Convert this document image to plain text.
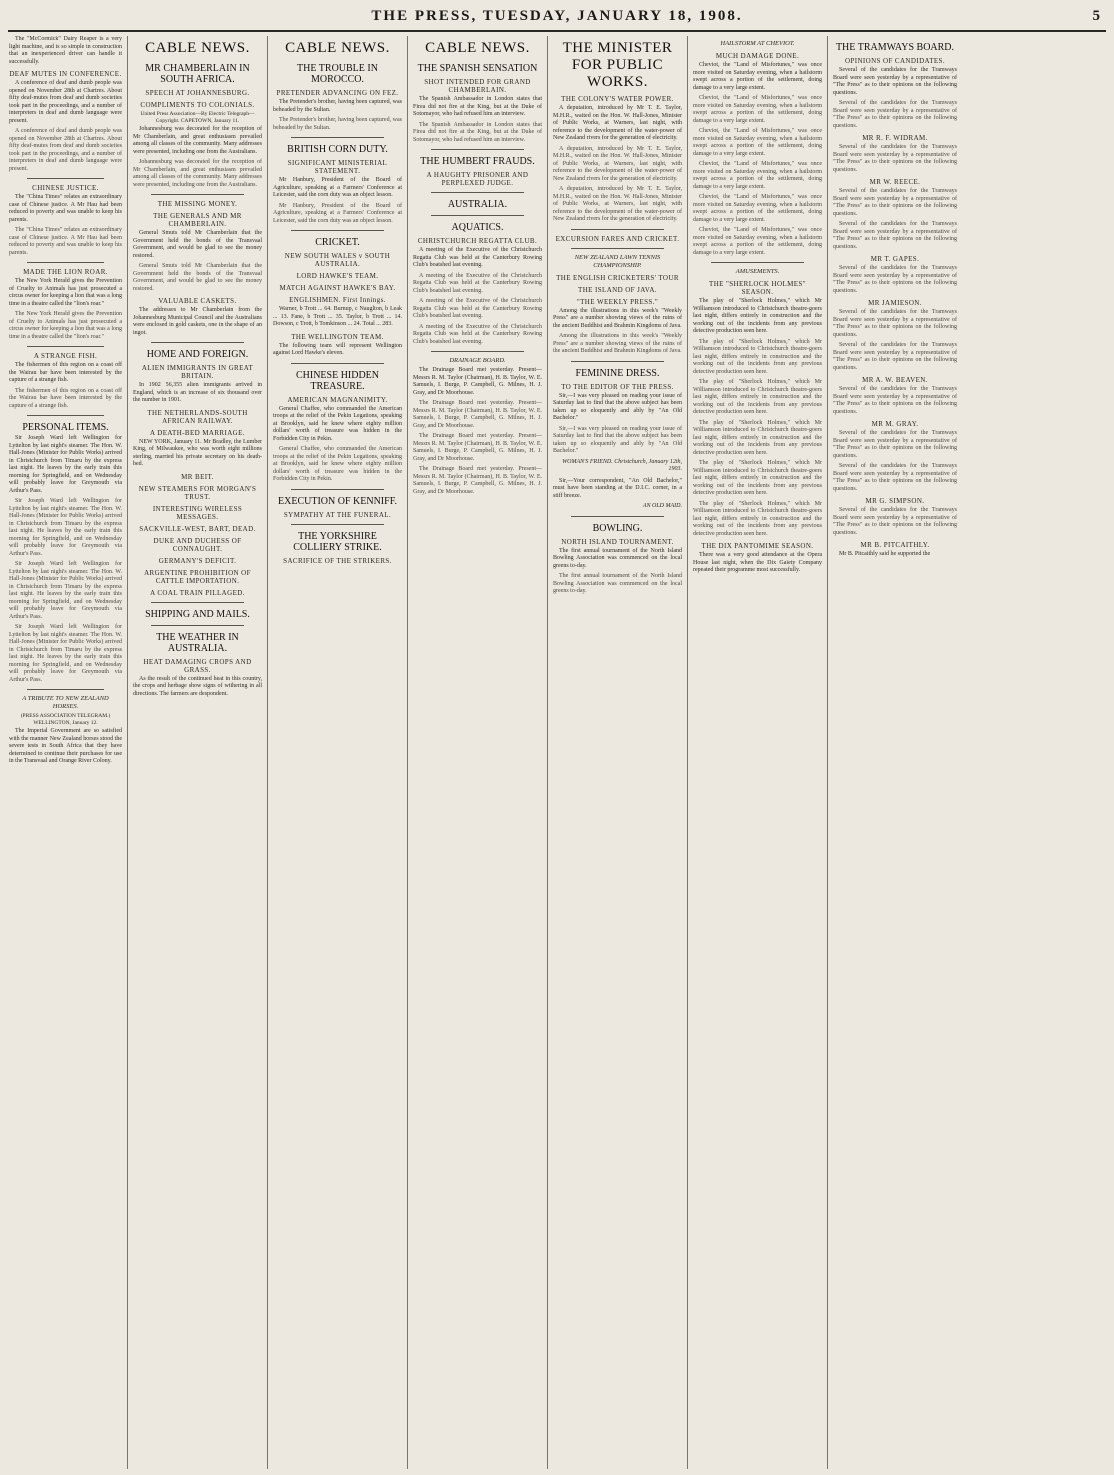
THE PRESS, TUESDAY, JANUARY 18, 1908.	5

The "McCormick" Dairy Reaper is a very light machine, and is so simple in construction that an inexperienced driver can handle it successfully.

DEAF MUTES IN CONFERENCE.

A conference of deaf and dumb people was opened on November 28th at Chartres. About fifty deaf-mutes from deaf and dumb societies took part in the proceedings, and a number of interpreters in deaf and dumb language were present.

A conference of deaf and dumb people was opened on November 28th at Chartres. About fifty deaf-mutes from deaf and dumb societies took part in the proceedings, and a number of interpreters in deaf and dumb language were present.

CHINESE JUSTICE.

The "China Times" relates an extraordinary case of Chinese justice. A Mr Hau had been reduced to poverty and was unable to keep his parents.

The "China Times" relates an extraordinary case of Chinese justice. A Mr Hau had been reduced to poverty and was unable to keep his parents.

MADE THE LION ROAR.

The New York Herald gives the Prevention of Cruelty to Animals has just prosecuted a circus owner for keeping a lion that was a long time in a theatre called the "lion's roar."

The New York Herald gives the Prevention of Cruelty to Animals has just prosecuted a circus owner for keeping a lion that was a long time in a theatre called the "lion's roar."

A STRANGE FISH.

The fishermen of this region on a coast off the Wairau bar have been interested by the capture of a strange fish.

The fishermen of this region on a coast off the Wairau bar have been interested by the capture of a strange fish.

PERSONAL ITEMS.

Sir Joseph Ward left Wellington for Lyttelton by last night's steamer. The Hon. W. Hall-Jones (Minister for Public Works) arrived in Christchurch from Timaru by the express last night. He leaves by the early train this morning for Springfield, and on Wednesday will probably leave for Greymouth via Arthur's Pass.

Sir Joseph Ward left Wellington for Lyttelton by last night's steamer. The Hon. W. Hall-Jones (Minister for Public Works) arrived in Christchurch from Timaru by the express last night. He leaves by the early train this morning for Springfield, and on Wednesday will probably leave for Greymouth via Arthur's Pass.

Sir Joseph Ward left Wellington for Lyttelton by last night's steamer. The Hon. W. Hall-Jones (Minister for Public Works) arrived in Christchurch from Timaru by the express last night. He leaves by the early train this morning for Springfield, and on Wednesday will probably leave for Greymouth via Arthur's Pass.

Sir Joseph Ward left Wellington for Lyttelton by last night's steamer. The Hon. W. Hall-Jones (Minister for Public Works) arrived in Christchurch from Timaru by the express last night. He leaves by the early train this morning for Springfield, and on Wednesday will probably leave for Greymouth via Arthur's Pass.

A TRIBUTE TO NEW ZEALAND HORSES.
(PRESS ASSOCIATION TELEGRAM.) WELLINGTON, January 12.

The Imperial Government are so satisfied with the manner New Zealand horses stood the severe tests in South Africa that they have determined to continue their purchases for use in the Transvaal and Orange River Colony.

CABLE NEWS.
MR CHAMBERLAIN IN SOUTH AFRICA.
SPEECH AT JOHANNESBURG.
COMPLIMENTS TO COLONIALS.
United Press Association—By Electric Telegraph—Copyright. CAPETOWN, January 11.

Johannesburg was decorated for the reception of Mr Chamberlain, and great enthusiasm prevailed among all classes of the community. Many addresses were presented, including one from the Australians.

Johannesburg was decorated for the reception of Mr Chamberlain, and great enthusiasm prevailed among all classes of the community. Many addresses were presented, including one from the Australians.

THE MISSING MONEY.
THE GENERALS AND MR CHAMBERLAIN.

General Smuts told Mr Chamberlain that the Government held the bonds of the Transvaal Government, and would be glad to see the money restored.

General Smuts told Mr Chamberlain that the Government held the bonds of the Transvaal Government, and would be glad to see the money restored.

VALUABLE CASKETS.

The addresses to Mr Chamberlain from the Johannesburg Municipal Council and the Australians were enclosed in gold caskets, one in the shape of an ingot.

HOME AND FOREIGN.
ALIEN IMMIGRANTS IN GREAT BRITAIN.

In 1902 56,355 alien immigrants arrived in England, which is an increase of six thousand over the number in 1901.

THE NETHERLANDS-SOUTH AFRICAN RAILWAY.
A DEATH-BED MARRIAGE.

NEW YORK, January 11. Mr Bradley, the Lumber King, of Milwaukee, who was worth eight millions sterling, married his private secretary on his death-bed.

MR BEIT.
NEW STEAMERS FOR MORGAN'S TRUST.
INTERESTING WIRELESS MESSAGES.
SACKVILLE-WEST, BART, DEAD.
DUKE AND DUCHESS OF CONNAUGHT.
GERMANY'S DEFICIT.
ARGENTINE PROHIBITION OF CATTLE IMPORTATION.
A COAL TRAIN PILLAGED.
SHIPPING AND MAILS.
THE WEATHER IN AUSTRALIA.
HEAT DAMAGING CROPS AND GRASS.

As the result of the continued heat in this country, the crops and herbage show signs of withering in all directions. The farmers are despondent.

CABLE NEWS.
THE TROUBLE IN MOROCCO.
PRETENDER ADVANCING ON FEZ.

The Pretender's brother, having been captured, was beheaded by the Sultan.

The Pretender's brother, having been captured, was beheaded by the Sultan.

BRITISH CORN DUTY.
SIGNIFICANT MINISTERIAL STATEMENT.

Mr Hanbury, President of the Board of Agriculture, speaking at a Farmers' Conference at Leicester, said the corn duty was an object lesson.

Mr Hanbury, President of the Board of Agriculture, speaking at a Farmers' Conference at Leicester, said the corn duty was an object lesson.

CRICKET.
NEW SOUTH WALES v SOUTH AUSTRALIA.
LORD HAWKE'S TEAM.
MATCH AGAINST HAWKE'S BAY.
ENGLISHMEN. First Innings.

Warner, b Trott ... 64. Burnup, c Nauglton, b Leak ... 13. Fane, b Trott ... 35. Taylor, b Trott ... 14. Dowson, c Trott, b Tomkinson ... 24. Total ... 283.

THE WELLINGTON TEAM.

The following team will represent Wellington against Lord Hawke's eleven.

CHINESE HIDDEN TREASURE.
AMERICAN MAGNANIMITY.

General Chaffee, who commanded the American troops at the relief of the Pekin Legations, speaking at Brooklyn, said he knew where eighty million dollars' worth of treasure was hidden in the Forbidden City in Pekin.

General Chaffee, who commanded the American troops at the relief of the Pekin Legations, speaking at Brooklyn, said he knew where eighty million dollars' worth of treasure was hidden in the Forbidden City in Pekin.

EXECUTION OF KENNIFF.
SYMPATHY AT THE FUNERAL.
THE YORKSHIRE COLLIERY STRIKE.
SACRIFICE OF THE STRIKERS.
CABLE NEWS.
THE SPANISH SENSATION
SHOT INTENDED FOR GRAND CHAMBERLAIN.

The Spanish Ambassador in London states that Firea did not fire at the King, but at the Duke of Sotomayor, who had refused him an interview.

The Spanish Ambassador in London states that Firea did not fire at the King, but at the Duke of Sotomayor, who had refused him an interview.

THE HUMBERT FRAUDS.
A HAUGHTY PRISONER AND PERPLEXED JUDGE.
AUSTRALIA.
AQUATICS.
CHRISTCHURCH REGATTA CLUB.

A meeting of the Executive of the Christchurch Regatta Club was held at the Canterbury Rowing Club's boatshed last evening.

A meeting of the Executive of the Christchurch Regatta Club was held at the Canterbury Rowing Club's boatshed last evening.

A meeting of the Executive of the Christchurch Regatta Club was held at the Canterbury Rowing Club's boatshed last evening.

A meeting of the Executive of the Christchurch Regatta Club was held at the Canterbury Rowing Club's boatshed last evening.

DRAINAGE BOARD.

The Drainage Board met yesterday. Present—Messrs R. M. Taylor (Chairman), H. B. Taylor, W. E. Samuels, I. Burge, P. Campbell, G. Milnes, H. J. Gray, and Dr Moorhouse.

The Drainage Board met yesterday. Present—Messrs R. M. Taylor (Chairman), H. B. Taylor, W. E. Samuels, I. Burge, P. Campbell, G. Milnes, H. J. Gray, and Dr Moorhouse.

The Drainage Board met yesterday. Present—Messrs R. M. Taylor (Chairman), H. B. Taylor, W. E. Samuels, I. Burge, P. Campbell, G. Milnes, H. J. Gray, and Dr Moorhouse.

The Drainage Board met yesterday. Present—Messrs R. M. Taylor (Chairman), H. B. Taylor, W. E. Samuels, I. Burge, P. Campbell, G. Milnes, H. J. Gray, and Dr Moorhouse.

THE MINISTER FOR PUBLIC WORKS.
THE COLONY'S WATER POWER.

A deputation, introduced by Mr T. E. Taylor, M.H.R., waited on the Hon. W. Hall-Jones, Minister of Public Works, at Warners, last night, with reference to the development of the water-power of New Zealand rivers for the generation of electricity.

A deputation, introduced by Mr T. E. Taylor, M.H.R., waited on the Hon. W. Hall-Jones, Minister of Public Works, at Warners, last night, with reference to the development of the water-power of New Zealand rivers for the generation of electricity.

A deputation, introduced by Mr T. E. Taylor, M.H.R., waited on the Hon. W. Hall-Jones, Minister of Public Works, at Warners, last night, with reference to the development of the water-power of New Zealand rivers for the generation of electricity.

EXCURSION FARES AND CRICKET.
NEW ZEALAND LAWN TENNIS CHAMPIONSHIP.
THE ENGLISH CRICKETERS' TOUR
THE ISLAND OF JAVA.
"THE WEEKLY PRESS."

Among the illustrations in this week's "Weekly Press" are a number showing views of the ruins of the ancient Buddhist and Brahmin Kingdoms of Java.

Among the illustrations in this week's "Weekly Press" are a number showing views of the ruins of the ancient Buddhist and Brahmin Kingdoms of Java.

FEMININE DRESS.
TO THE EDITOR OF THE PRESS.

Sir,—I was very pleased on reading your issue of Saturday last to find that the above subject has been taken up so eloquently and ably by "An Old Bachelor."

Sir,—I was very pleased on reading your issue of Saturday last to find that the above subject has been taken up so eloquently and ably by "An Old Bachelor."

WOMAN'S FRIEND. Christchurch, January 12th, 1903.

Sir,—Your correspondent, "An Old Bachelor," must have been standing at the D.I.C. corner, in a stiff breeze.

AN OLD MAID.
BOWLING.
NORTH ISLAND TOURNAMENT.

The first annual tournament of the North Island Bowling Association was commenced on the local greens to-day.

The first annual tournament of the North Island Bowling Association was commenced on the local greens to-day.

HAILSTORM AT CHEVIOT.
MUCH DAMAGE DONE.

Cheviot, the "Land of Misfortunes," was once more visited on Saturday evening, when a hailstorm swept across a portion of the settlement, doing damage to a very large extent.

Cheviot, the "Land of Misfortunes," was once more visited on Saturday evening, when a hailstorm swept across a portion of the settlement, doing damage to a very large extent.

Cheviot, the "Land of Misfortunes," was once more visited on Saturday evening, when a hailstorm swept across a portion of the settlement, doing damage to a very large extent.

Cheviot, the "Land of Misfortunes," was once more visited on Saturday evening, when a hailstorm swept across a portion of the settlement, doing damage to a very large extent.

Cheviot, the "Land of Misfortunes," was once more visited on Saturday evening, when a hailstorm swept across a portion of the settlement, doing damage to a very large extent.

Cheviot, the "Land of Misfortunes," was once more visited on Saturday evening, when a hailstorm swept across a portion of the settlement, doing damage to a very large extent.

AMUSEMENTS.
THE "SHERLOCK HOLMES" SEASON.

The play of "Sherlock Holmes," which Mr Williamson introduced to Christchurch theatre-goers last night, differs entirely in construction and the working out of the incidents from any previous detective production seen here.

The play of "Sherlock Holmes," which Mr Williamson introduced to Christchurch theatre-goers last night, differs entirely in construction and the working out of the incidents from any previous detective production seen here.

The play of "Sherlock Holmes," which Mr Williamson introduced to Christchurch theatre-goers last night, differs entirely in construction and the working out of the incidents from any previous detective production seen here.

The play of "Sherlock Holmes," which Mr Williamson introduced to Christchurch theatre-goers last night, differs entirely in construction and the working out of the incidents from any previous detective production seen here.

The play of "Sherlock Holmes," which Mr Williamson introduced to Christchurch theatre-goers last night, differs entirely in construction and the working out of the incidents from any previous detective production seen here.

The play of "Sherlock Holmes," which Mr Williamson introduced to Christchurch theatre-goers last night, differs entirely in construction and the working out of the incidents from any previous detective production seen here.

THE DIX PANTOMIME SEASON.

There was a very good attendance at the Opera House last night, when the Dix Gaiety Company repeated their programme most successfully.

THE TRAMWAYS BOARD.
OPINIONS OF CANDIDATES.

Several of the candidates for the Tramways Board were seen yesterday by a representative of "The Press" as to their opinions on the following questions.

Several of the candidates for the Tramways Board were seen yesterday by a representative of "The Press" as to their opinions on the following questions.

MR R. F. WIDRAM.

Several of the candidates for the Tramways Board were seen yesterday by a representative of "The Press" as to their opinions on the following questions.

MR W. REECE.

Several of the candidates for the Tramways Board were seen yesterday by a representative of "The Press" as to their opinions on the following questions.

Several of the candidates for the Tramways Board were seen yesterday by a representative of "The Press" as to their opinions on the following questions.

MR T. GAPES.

Several of the candidates for the Tramways Board were seen yesterday by a representative of "The Press" as to their opinions on the following questions.

MR JAMIESON.

Several of the candidates for the Tramways Board were seen yesterday by a representative of "The Press" as to their opinions on the following questions.

Several of the candidates for the Tramways Board were seen yesterday by a representative of "The Press" as to their opinions on the following questions.

MR A. W. BEAVEN.

Several of the candidates for the Tramways Board were seen yesterday by a representative of "The Press" as to their opinions on the following questions.

MR M. GRAY.

Several of the candidates for the Tramways Board were seen yesterday by a representative of "The Press" as to their opinions on the following questions.

Several of the candidates for the Tramways Board were seen yesterday by a representative of "The Press" as to their opinions on the following questions.

MR G. SIMPSON.

Several of the candidates for the Tramways Board were seen yesterday by a representative of "The Press" as to their opinions on the following questions.

MR B. PITCAITHLY.

Mr B. Pitcaithly said he supported the
